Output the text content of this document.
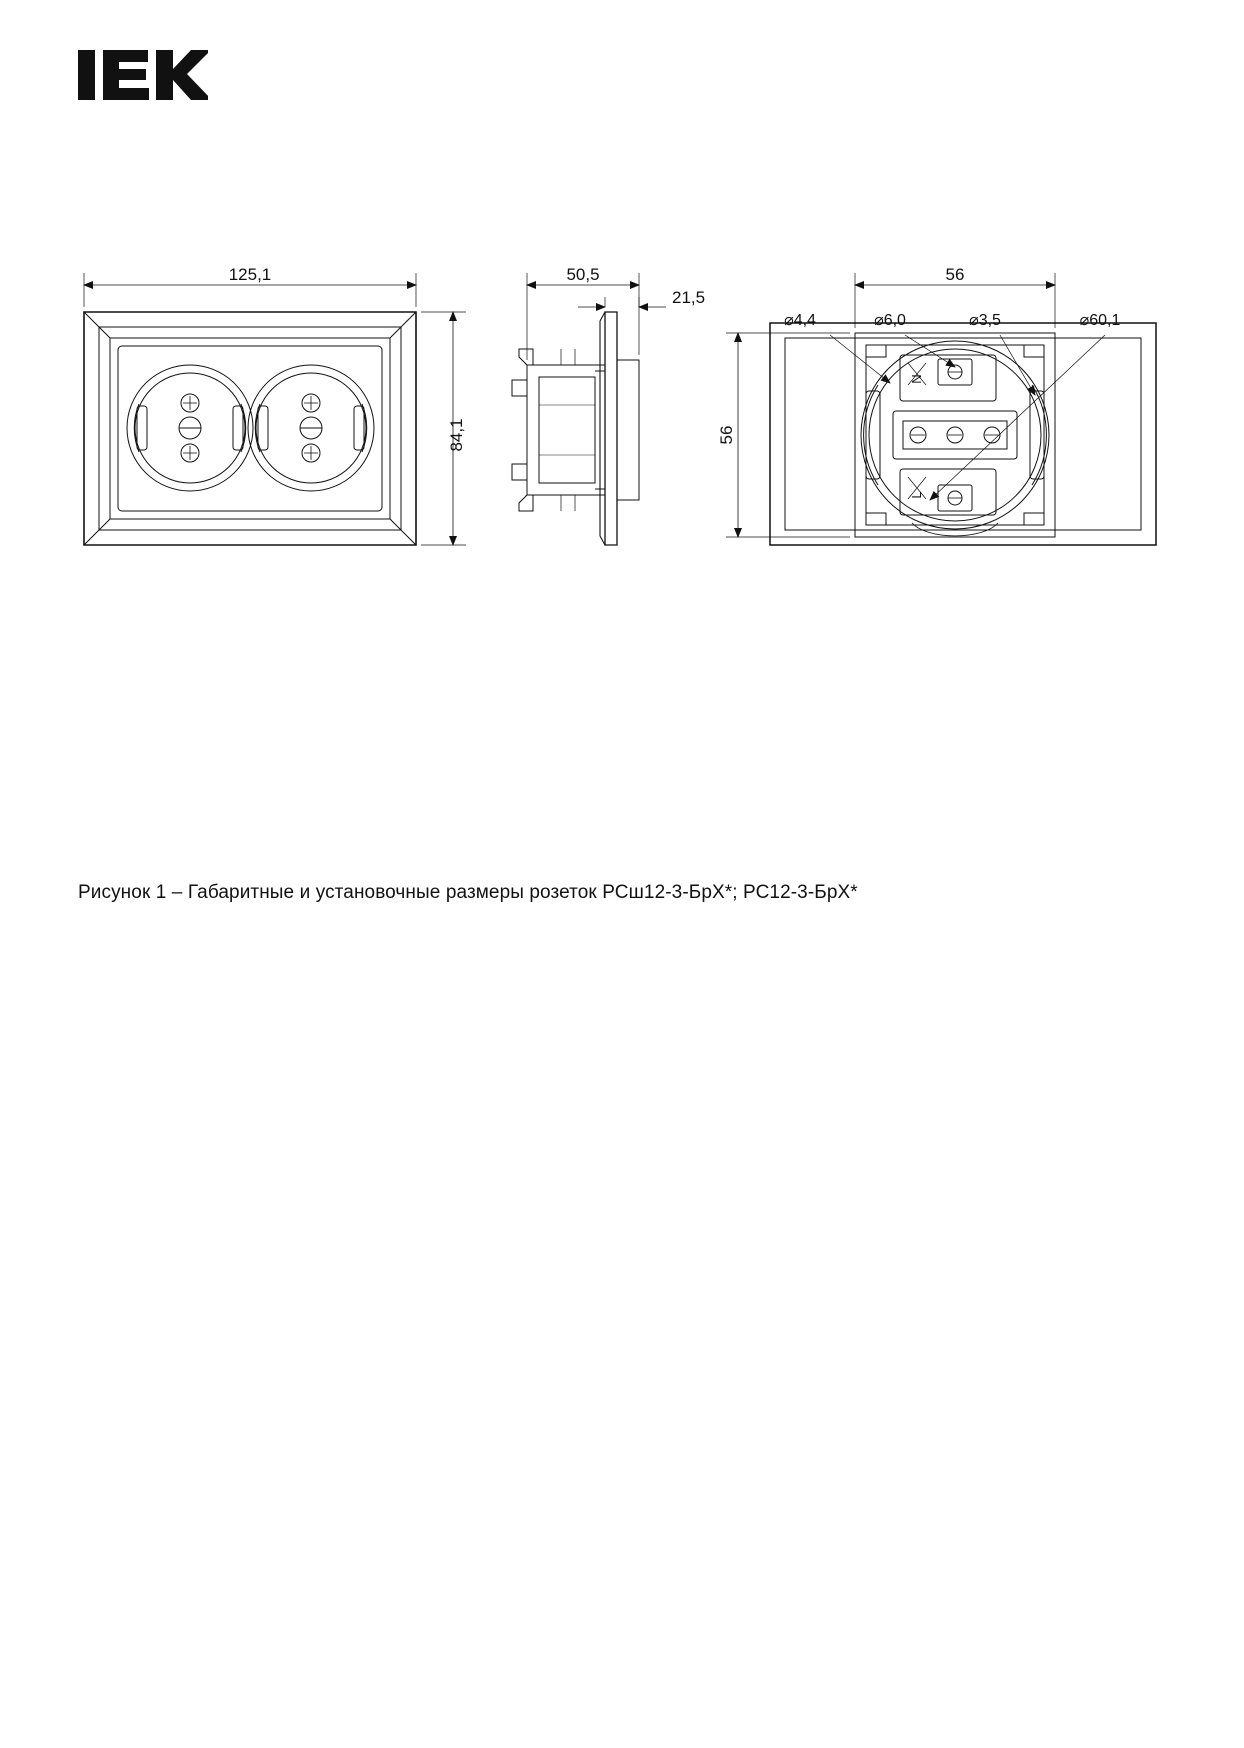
125,1
84,1
50,5
21,5
56
56
⌀4,4	⌀6,0	⌀3,5	⌀60,1
N
L
Рисунок 1 – Габаритные и установочные размеры розеток РСш12-3-БрХ*; РС12-3-БрХ*
